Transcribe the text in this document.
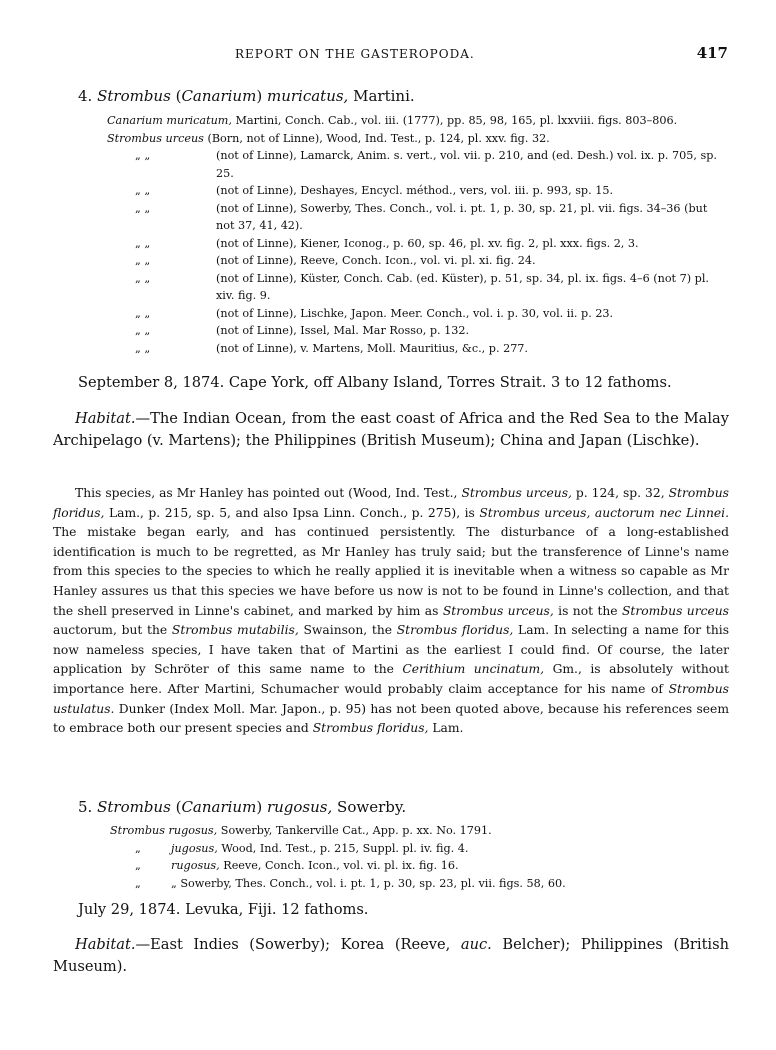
REPORT ON THE GASTEROPODA.	417
4. Strombus (Canarium) muricatus, Martini.
Canarium muricatum, Martini, Conch. Cab., vol. iii. (1777), pp. 85, 98, 165, pl. lxxviii. figs. 803–806.
Strombus urceus (Born, not of Linne), Wood, Ind. Test., p. 124, pl. xxv. fig. 32.
„ „	(not of Linne), Lamarck, Anim. s. vert., vol. vii. p. 210, and (ed. Desh.) vol. ix. p. 705, sp. 25.
„ „	(not of Linne), Deshayes, Encycl. méthod., vers, vol. iii. p. 993, sp. 15.
„ „	(not of Linne), Sowerby, Thes. Conch., vol. i. pt. 1, p. 30, sp. 21, pl. vii. figs. 34–36 (but not 37, 41, 42).
„ „	(not of Linne), Kiener, Iconog., p. 60, sp. 46, pl. xv. fig. 2, pl. xxx. figs. 2, 3.
„ „	(not of Linne), Reeve, Conch. Icon., vol. vi. pl. xi. fig. 24.
„ „	(not of Linne), Küster, Conch. Cab. (ed. Küster), p. 51, sp. 34, pl. ix. figs. 4–6 (not 7) pl. xiv. fig. 9.
„ „	(not of Linne), Lischke, Japon. Meer. Conch., vol. i. p. 30, vol. ii. p. 23.
„ „	(not of Linne), Issel, Mal. Mar Rosso, p. 132.
„ „	(not of Linne), v. Martens, Moll. Mauritius, &c., p. 277.
September 8, 1874. Cape York, off Albany Island, Torres Strait. 3 to 12 fathoms.
Habitat.—The Indian Ocean, from the east coast of Africa and the Red Sea to the Malay Archipelago (v. Martens); the Philippines (British Museum); China and Japan (Lischke).
This species, as Mr Hanley has pointed out (Wood, Ind. Test., Strombus urceus, p. 124, sp. 32, Strombus floridus, Lam., p. 215, sp. 5, and also Ipsa Linn. Conch., p. 275), is Strombus urceus, auctorum nec Linnei. The mistake began early, and has continued persistently. The disturbance of a long-established identification is much to be regretted, as Mr Hanley has truly said; but the transference of Linne's name from this species to the species to which he really applied it is inevitable when a witness so capable as Mr Hanley assures us that this species we have before us now is not to be found in Linne's collection, and that the shell preserved in Linne's cabinet, and marked by him as Strombus urceus, is not the Strombus urceus auctorum, but the Strombus mutabilis, Swainson, the Strombus floridus, Lam. In selecting a name for this now nameless species, I have taken that of Martini as the earliest I could find. Of course, the later application by Schröter of this same name to the Cerithium uncinatum, Gm., is absolutely without importance here. After Martini, Schumacher would probably claim acceptance for his name of Strombus ustulatus. Dunker (Index Moll. Mar. Japon., p. 95) has not been quoted above, because his references seem to embrace both our present species and Strombus floridus, Lam.
5. Strombus (Canarium) rugosus, Sowerby.
Strombus rugosus, Sowerby, Tankerville Cat., App. p. xx. No. 1791.
„	jugosus, Wood, Ind. Test., p. 215, Suppl. pl. iv. fig. 4.
„	rugosus, Reeve, Conch. Icon., vol. vi. pl. ix. fig. 16.
„	„ Sowerby, Thes. Conch., vol. i. pt. 1, p. 30, sp. 23, pl. vii. figs. 58, 60.
July 29, 1874. Levuka, Fiji. 12 fathoms.
Habitat.—East Indies (Sowerby); Korea (Reeve, auc. Belcher); Philippines (British Museum).
